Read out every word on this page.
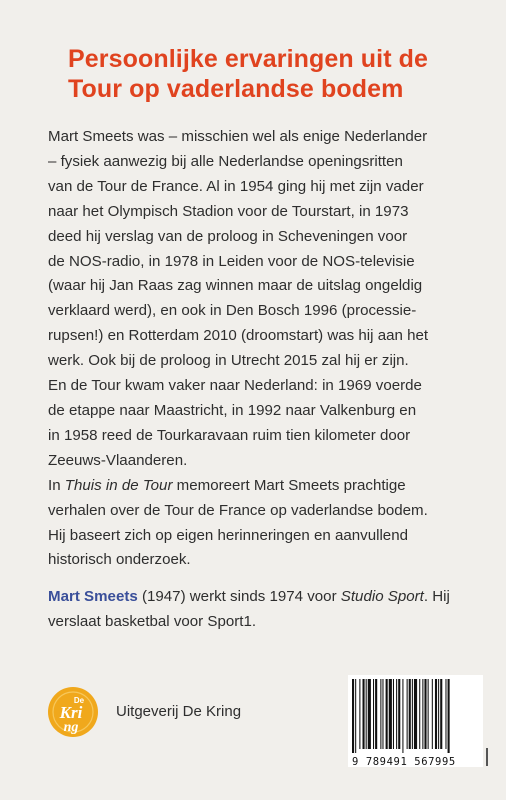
Persoonlijke ervaringen uit de
Tour op vaderlandse bodem
Mart Smeets was – misschien wel als enige Nederlander
– fysiek aanwezig bij alle Nederlandse openingsritten
van de Tour de France. Al in 1954 ging hij met zijn vader
naar het Olympisch Stadion voor de Tourstart, in 1973
deed hij verslag van de proloog in Scheveningen voor
de NOS-radio, in 1978 in Leiden voor de NOS-televisie
(waar hij Jan Raas zag winnen maar de uitslag ongeldig
verklaard werd), en ook in Den Bosch 1996 (processie-
rupsen!) en Rotterdam 2010 (droomstart) was hij aan het
werk. Ook bij de proloog in Utrecht 2015 zal hij er zijn.
En de Tour kwam vaker naar Nederland: in 1969 voerde
de etappe naar Maastricht, in 1992 naar Valkenburg en
in 1958 reed de Tourkaravaan ruim tien kilometer door
Zeeuws-Vlaanderen.
In Thuis in de Tour memoreert Mart Smeets prachtige
verhalen over de Tour de France op vaderlandse bodem.
Hij baseert zich op eigen herinneringen en aanvullend
historisch onderzoek.
Mart Smeets (1947) werkt sinds 1974 voor Studio Sport. Hij
verslaat basketbal voor Sport1.
De
Kri
ng
Uitgeverij De Kring
9 789491 567995
